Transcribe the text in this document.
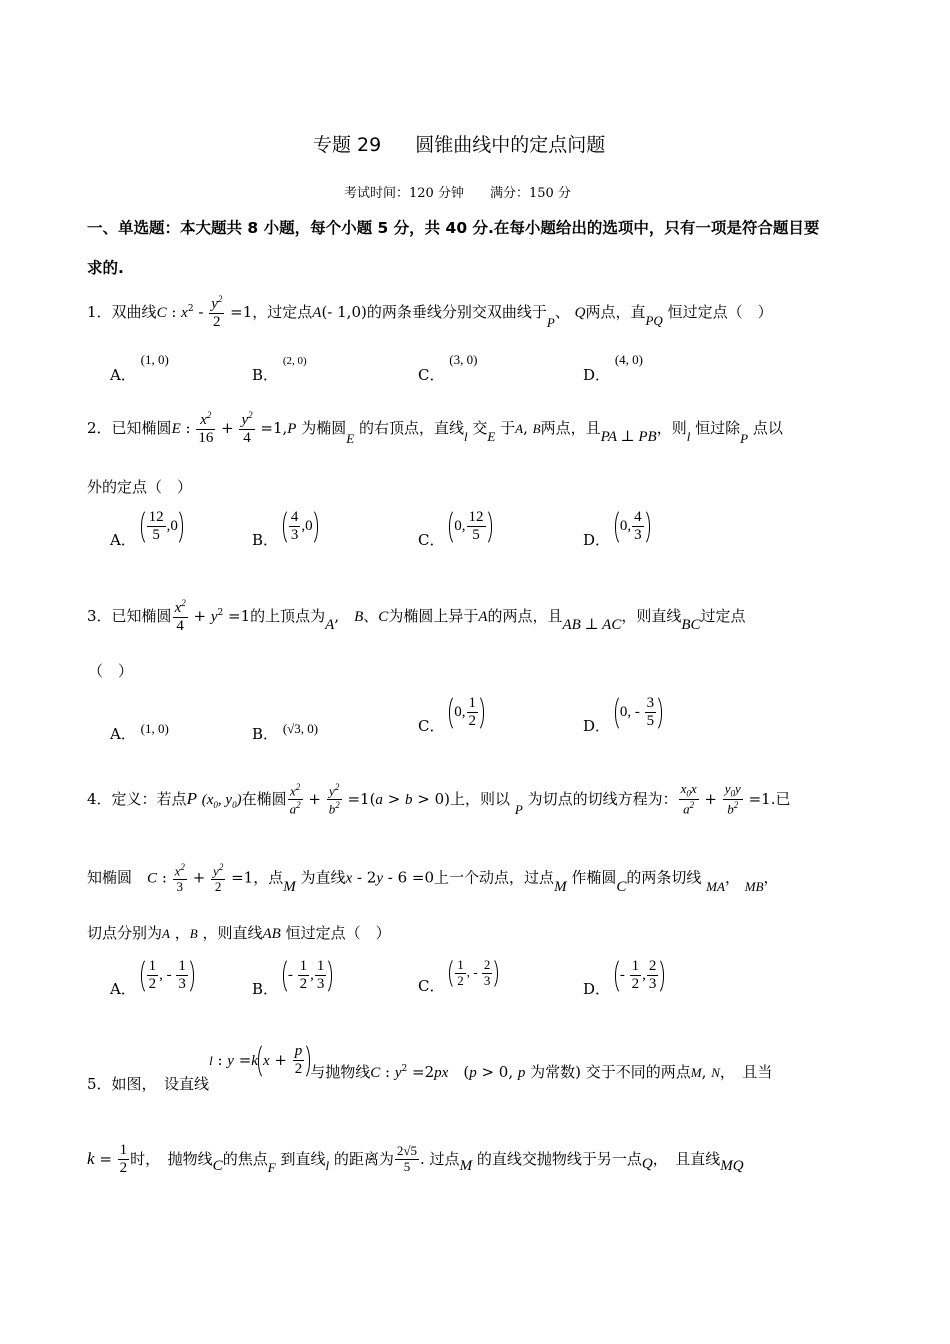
专题 29 圆锥曲线中的定点问题
考试时间：120 分钟　　满分：150 分
一、单选题：本大题共 8 小题，每个小题 5 分，共 40 分.在每小题给出的选项中，只有一项是符合题目要
求的.
1．双曲线C : $x^2 - \frac{y^2}{2} =1$，过定点A(- 1,0)的两条垂线分别交双曲线于P、 Q两点，直PQ 恒过定点（　）
A． (1, 0)
B． (2, 0)
C． (3, 0)
D． (4, 0)
2．已知椭圆E : $\frac{x^2}{16} + \frac{y^2}{4} =1,P$ 为椭圆E 的右顶点，直线l 交E 于A, B两点，且PA ⊥ PB，则l 恒过除P 点以
外的定点（　）
A． $\frac{12}{5} ,0$
B． $\frac{4}{3} ,0$
C． 0, $\frac{12}{5}$	D． 0, $\frac{4}{3}$
3．已知椭圆 $\frac{x^2}{4} + y^2 =1$的上顶点为A,　B、C为椭圆上异于A的两点，且AB ⊥ AC，则直线BC过定点
（　）
A． (1, 0)	B． (√3, 0)	C． 0, $\frac{1}{2}$	D． 0, - $\frac{3}{5}$
4．定义：若点P ($x_0$, $y_0$)在椭圆 $\frac{x^2}{a^2} + \frac{y^2}{b^2} =1(a > b > 0)$上，则以 P 为切点的切线方程为： $\frac{x_0x}{a^2} + \frac{y_0y}{b^2} =1$.已
知椭圆　 C : $\frac{x^2}{3} + \frac{y^2}{2} =1$，点M 为直线x - 2y - 6 =0上一个动点，过点M 作椭圆C的两条切线 MA， MB，
切点分别为A ，B ，则直线AB 恒过定点（　）
A． $\frac{1}{2}$ , - $\frac{1}{3}$	B． - $\frac{1}{2}$ , $\frac{1}{3}$	C． $\frac{1}{2}$ , - $\frac{2}{3}$	D． - $\frac{1}{2}$ , $\frac{2}{3}$
5．如图，　设直线l : y =k $x + \frac{p}{2}$ 与抛物线C : $y^2 =2px$　(p > 0, p 为常数) 交于不同的两点M, N，　且当
$k = \frac{1}{2}$ 时，　抛物线C的焦点F 到直线l 的距离为 $\frac{2√5}{5}$ . 过点M 的直线交抛物线于另一点Q，　且直线MQ
